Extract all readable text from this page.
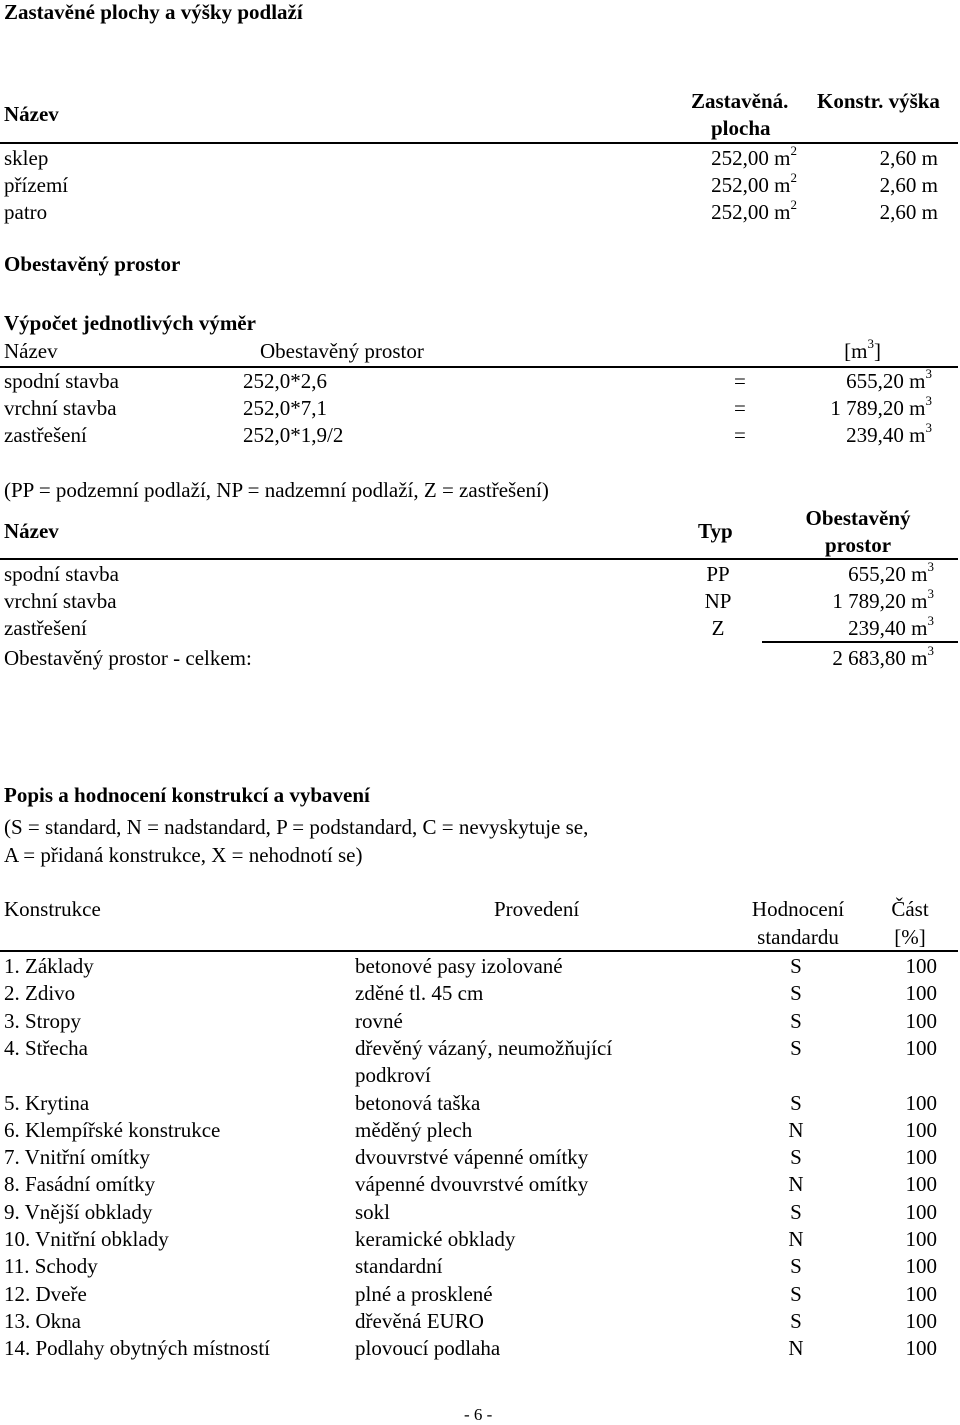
Zastavěné plochy a výšky podlaží
Název
Zastavěná.
plocha
Konstr. výška
sklep	252,00 $m^2$	2,60 m
přízemí	252,00 $m^2$	2,60 m
patro	252,00 $m^2$	2,60 m
Obestavěný prostor
Výpočet jednotlivých výměr
Název	Obestavěný prostor	$[m^3]$
spodní stavba	252,0*2,6	=	655,20 $m^3$
vrchní stavba	252,0*7,1	=	1 789,20 $m^3$
zastřešení	252,0*1,9/2	=	239,40 $m^3$
(PP = podzemní podlaží, NP = nadzemní podlaží, Z = zastřešení)
Název	Typ
Obestavěný
prostor
spodní stavba	PP	655,20 $m^3$
vrchní stavba	NP	1 789,20 $m^3$
zastřešení	Z	239,40 $m^3$
Obestavěný prostor - celkem:	2 683,80 $m^3$
Popis a hodnocení konstrukcí a vybavení
(S = standard, N = nadstandard, P = podstandard, C = nevyskytuje se,
A = přidaná konstrukce, X = nehodnotí se)
Konstrukce	Provedení	Hodnocení
standardu
Část
[%]
1. Základy	betonové pasy izolované	S	100
2. Zdivo	zděné tl. 45 cm	S	100
3. Stropy	rovné	S	100
4. Střecha	dřevěný vázaný, neumožňující	S	100
podkroví
5. Krytina	betonová taška	S	100
6. Klempířské konstrukce	měděný plech	N	100
7. Vnitřní omítky	dvouvrstvé vápenné omítky	S	100
8. Fasádní omítky	vápenné dvouvrstvé omítky	N	100
9. Vnější obklady	sokl	S	100
10. Vnitřní obklady	keramické obklady	N	100
11. Schody	standardní	S	100
12. Dveře	plné a prosklené	S	100
13. Okna	dřevěná EURO	S	100
14. Podlahy obytných místností	plovoucí podlaha	N	100
- 6 -
